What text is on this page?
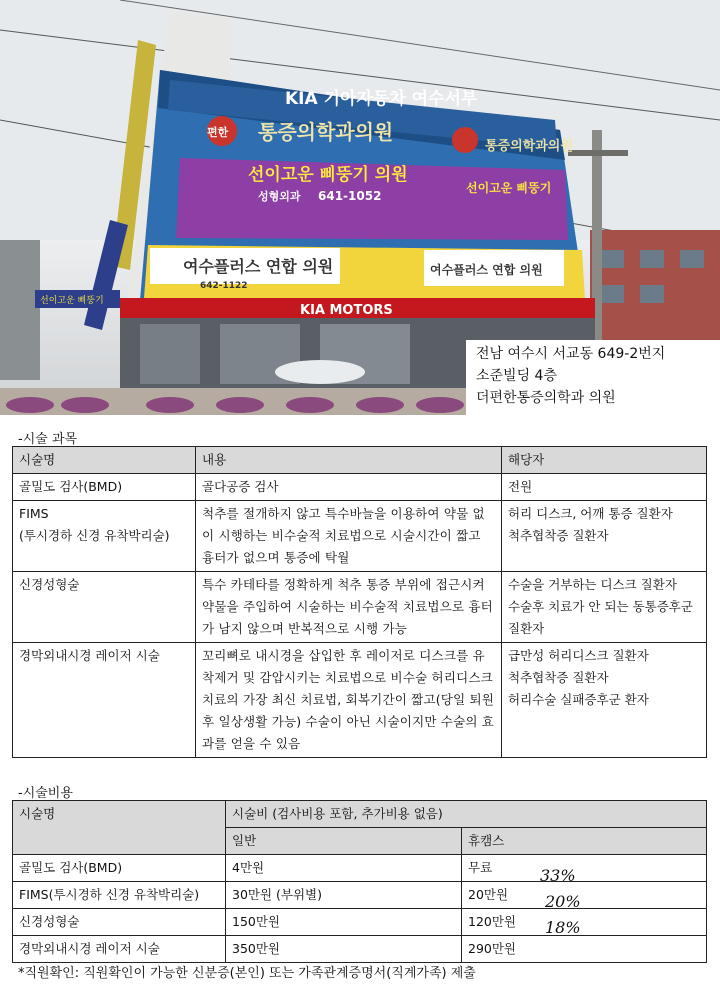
KIA 기아자동차 여수서부
편한 통증의학과의원
통증의학과의원
선이고운 삐뚱기 의원
성형외과 641-1052
선이고운 삐뚱기
여수플러스 연합 의원
642-1122
여수플러스 연합 의원
KIA MOTORS
선이고운 삐뚱기
전남 여수시 서교동 649-2번지
소준빌딩 4층
더편한통증의학과 의원
-시술 과목
시술명	내용	해당자
골밀도 검사(BMD)	골다공증 검사	전원
FIMS
(투시경하 신경 유착박리술)	척추를 절개하지 않고 특수바늘을 이용하여 약물 없이 시행하는 비수술적 치료법으로 시술시간이 짧고 흉터가 없으며 통증에 탁월	허리 디스크, 어깨 통증 질환자
척추협착증 질환자
신경성형술	특수 카테타를 정확하게 척추 통증 부위에 접근시켜 약물을 주입하여 시술하는 비수술적 치료법으로 흉터가 남지 않으며 반복적으로 시행 가능	수술을 거부하는 디스크 질환자
수술후 치료가 안 되는 동통증후군 질환자
경막외내시경 레이저 시술	꼬리뼈로 내시경을 삽입한 후 레이저로 디스크를 유착제거 및 감압시키는 치료법으로 비수술 허리디스크 치료의 가장 최신 치료법, 회복기간이 짧고(당일 퇴원 후 일상생활 가능) 수술이 아닌 시술이지만 수술의 효과를 얻을 수 있음	급만성 허리디스크 질환자
척추협착증 질환자
허리수술 실패증후군 환자
-시술비용
시술명	시술비 (검사비용 포함, 추가비용 없음)	
	일반	휴캠스
골밀도 검사(BMD)	4만원	무료
FIMS(투시경하 신경 유착박리술)	30만원 (부위별)	20만원
신경성형술	150만원	120만원
경막외내시경 레이저 시술	350만원	290만원
33%
20%
18%
*직원확인: 직원확인이 가능한 신분증(본인) 또는 가족관계증명서(직계가족) 제출
